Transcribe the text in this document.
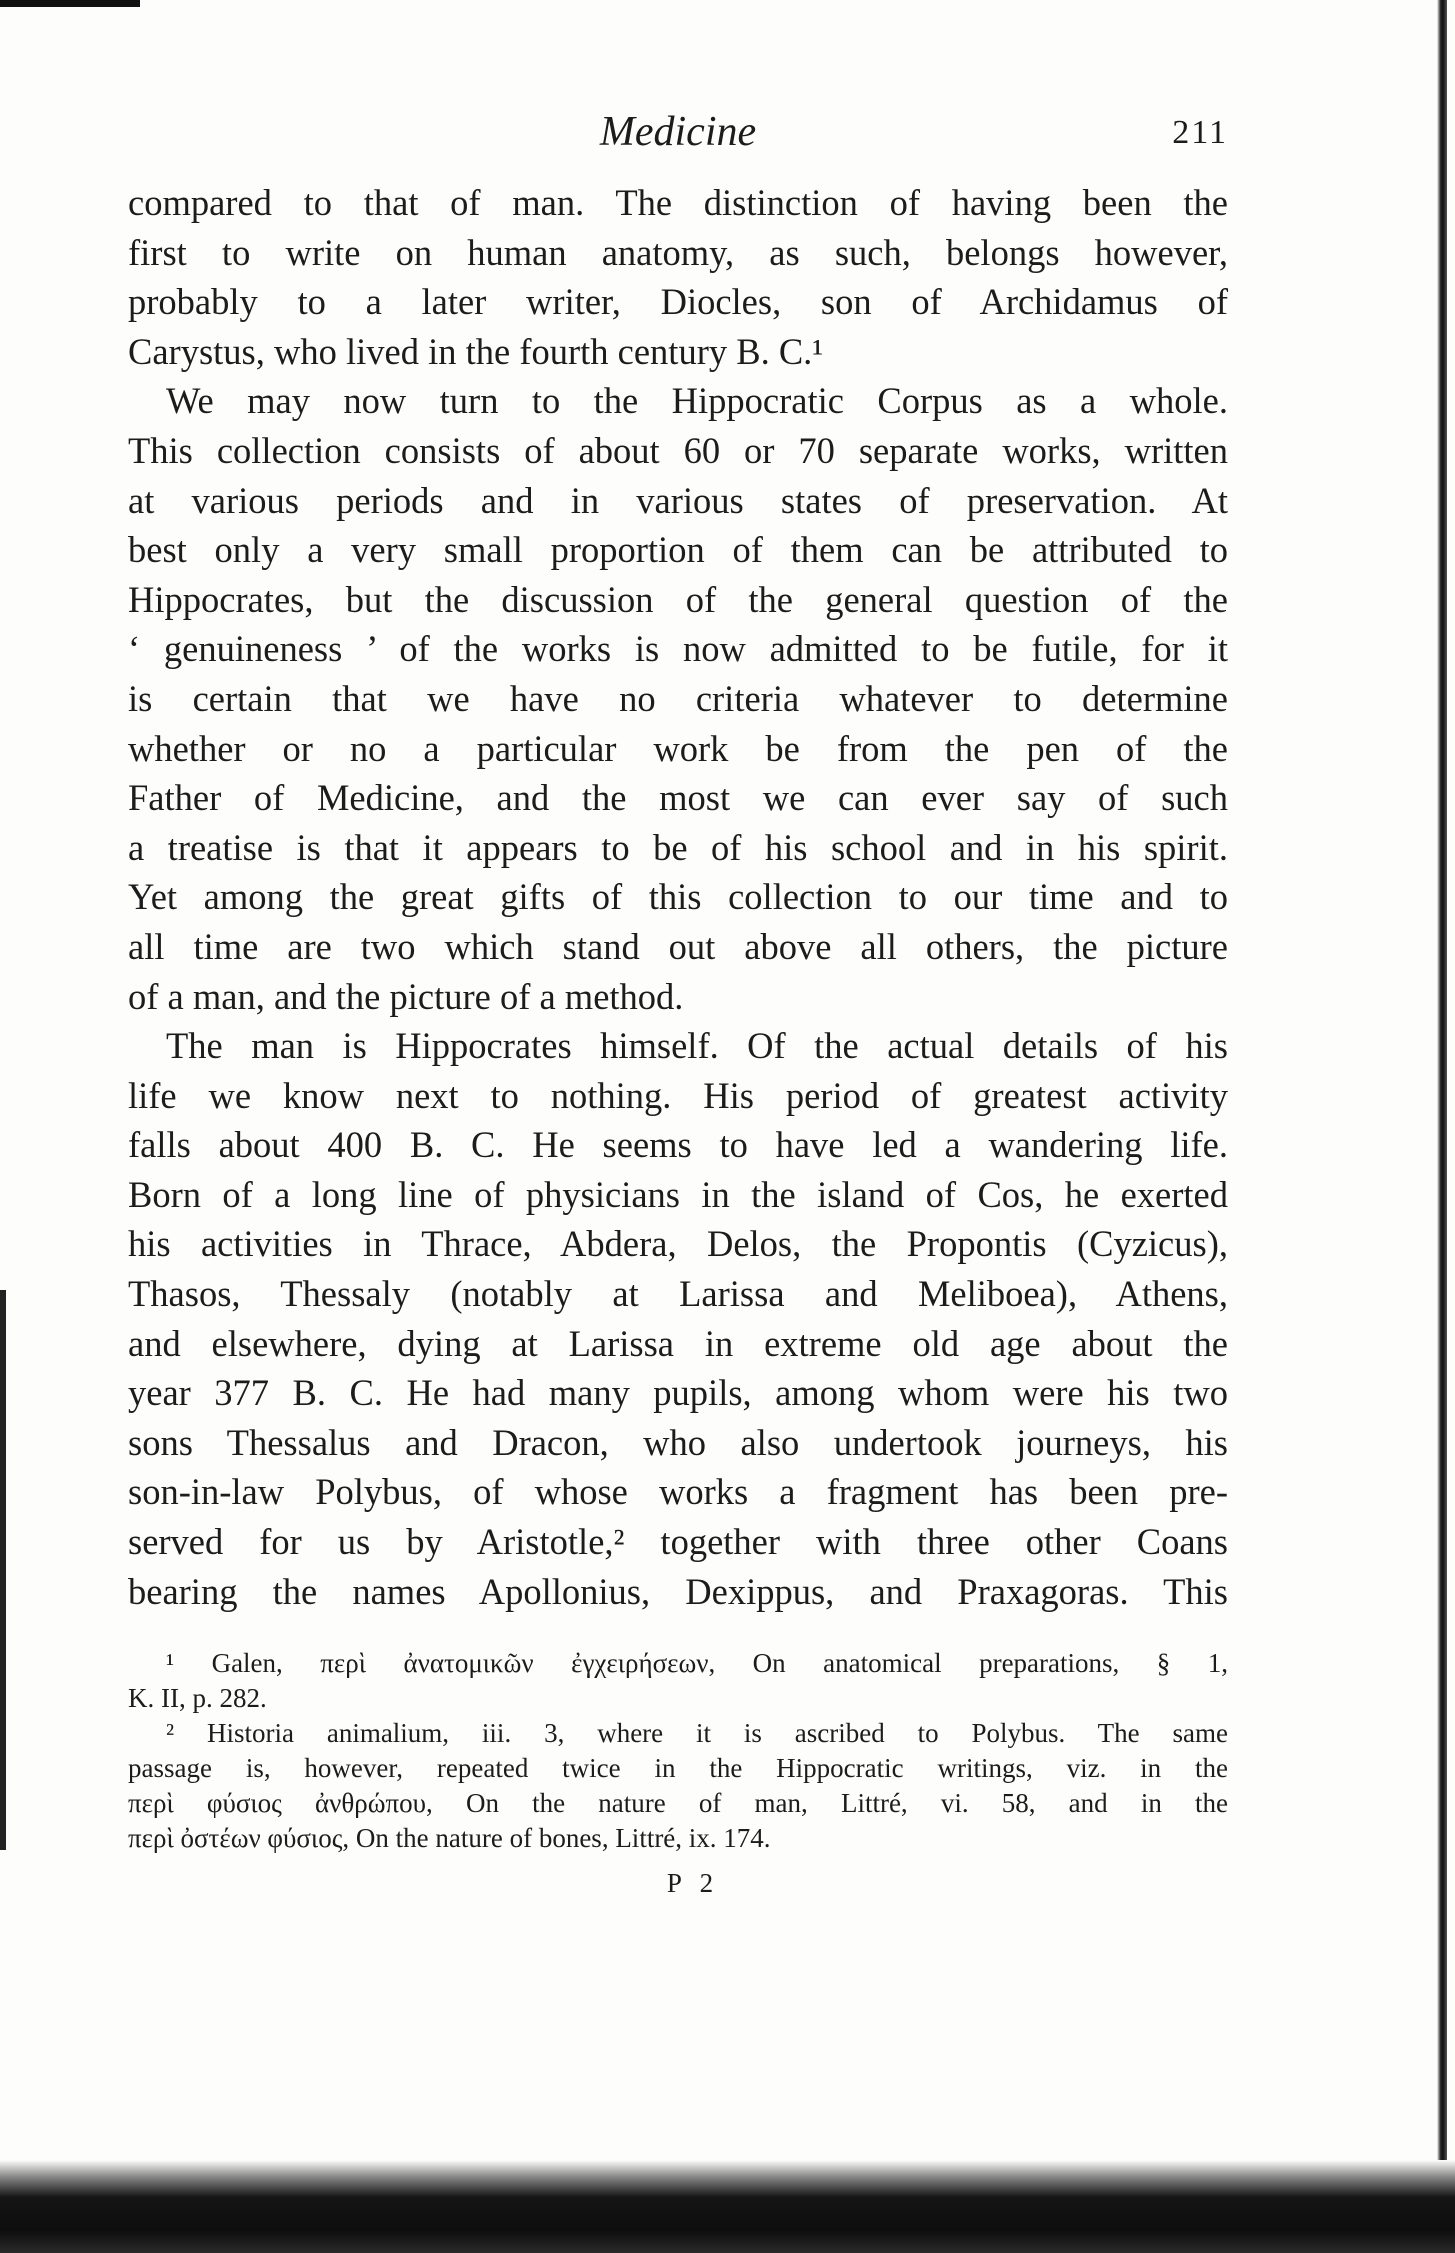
Medicine	211
compared to that of man. The distinction of having been the
first to write on human anatomy, as such, belongs however,
probably to a later writer, Diocles, son of Archidamus of
Carystus, who lived in the fourth century B. C.¹
We may now turn to the Hippocratic Corpus as a whole.
This collection consists of about 60 or 70 separate works, written
at various periods and in various states of preservation. At
best only a very small proportion of them can be attributed to
Hippocrates, but the discussion of the general question of the
‘ genuineness ’ of the works is now admitted to be futile, for it
is certain that we have no criteria whatever to determine
whether or no a particular work be from the pen of the
Father of Medicine, and the most we can ever say of such
a treatise is that it appears to be of his school and in his spirit.
Yet among the great gifts of this collection to our time and to
all time are two which stand out above all others, the picture
of a man, and the picture of a method.
The man is Hippocrates himself. Of the actual details of his
life we know next to nothing. His period of greatest activity
falls about 400 B. C. He seems to have led a wandering life.
Born of a long line of physicians in the island of Cos, he exerted
his activities in Thrace, Abdera, Delos, the Propontis (Cyzicus),
Thasos, Thessaly (notably at Larissa and Meliboea), Athens,
and elsewhere, dying at Larissa in extreme old age about the
year 377 B. C. He had many pupils, among whom were his two
sons Thessalus and Dracon, who also undertook journeys, his
son-in-law Polybus, of whose works a fragment has been pre-
served for us by Aristotle,² together with three other Coans
bearing the names Apollonius, Dexippus, and Praxagoras. This
¹ Galen, περὶ ἀνατομικῶν ἐγχειρήσεων, On anatomical preparations, § 1,
K. II, p. 282.
² Historia animalium, iii. 3, where it is ascribed to Polybus. The same
passage is, however, repeated twice in the Hippocratic writings, viz. in the
περὶ φύσιος ἀνθρώπου, On the nature of man, Littré, vi. 58, and in the
περὶ ὀστέων φύσιος, On the nature of bones, Littré, ix. 174.
P 2
